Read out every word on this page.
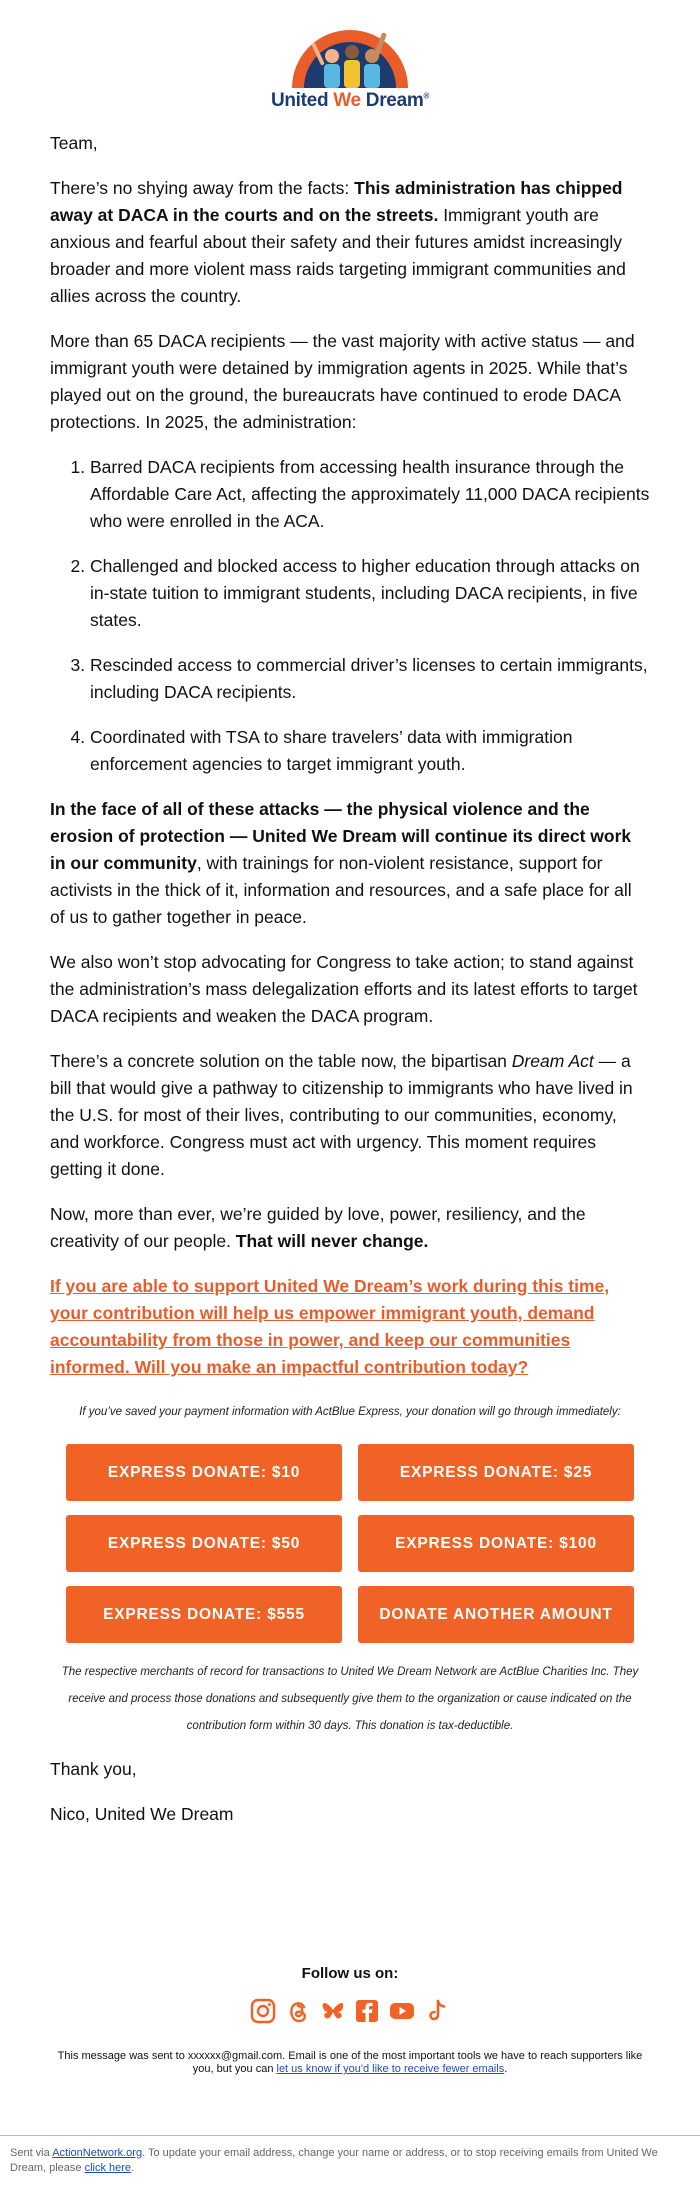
United We Dream®

Team,

There’s no shying away from the facts: This administration has chipped away at DACA in the courts and on the streets. Immigrant youth are anxious and fearful about their safety and their futures amidst increasingly broader and more violent mass raids targeting immigrant communities and allies across the country.

More than 65 DACA recipients — the vast majority with active status — and immigrant youth were detained by immigration agents in 2025. While that’s played out on the ground, the bureaucrats have continued to erode DACA protections. In 2025, the administration:

1. Barred DACA recipients from accessing health insurance through the Affordable Care Act, affecting the approximately 11,000 DACA recipients who were enrolled in the ACA.
2. Challenged and blocked access to higher education through attacks on in-state tuition to immigrant students, including DACA recipients, in five states.
3. Rescinded access to commercial driver’s licenses to certain immigrants, including DACA recipients.
4. Coordinated with TSA to share travelers’ data with immigration enforcement agencies to target immigrant youth.

In the face of all of these attacks — the physical violence and the erosion of protection — United We Dream will continue its direct work in our community, with trainings for non-violent resistance, support for activists in the thick of it, information and resources, and a safe place for all of us to gather together in peace.

We also won’t stop advocating for Congress to take action; to stand against the administration’s mass delegalization efforts and its latest efforts to target DACA recipients and weaken the DACA program.

There’s a concrete solution on the table now, the bipartisan Dream Act — a bill that would give a pathway to citizenship to immigrants who have lived in the U.S. for most of their lives, contributing to our communities, economy, and workforce. Congress must act with urgency. This moment requires getting it done.

Now, more than ever, we’re guided by love, power, resiliency, and the creativity of our people. That will never change.

If you are able to support United We Dream’s work during this time, your contribution will help us empower immigrant youth, demand accountability from those in power, and keep our communities informed. Will you make an impactful contribution today?

If you’ve saved your payment information with ActBlue Express, your donation will go through immediately:

EXPRESS DONATE: $10	EXPRESS DONATE: $25
EXPRESS DONATE: $50	EXPRESS DONATE: $100
EXPRESS DONATE: $555	DONATE ANOTHER AMOUNT

The respective merchants of record for transactions to United We Dream Network are ActBlue Charities Inc. They receive and process those donations and subsequently give them to the organization or cause indicated on the contribution form within 30 days. This donation is tax-deductible.

Thank you,

Nico, United We Dream

Follow us on:
This message was sent to xxxxxx@gmail.com. Email is one of the most important tools we have to reach supporters like you, but you can let us know if you'd like to receive fewer emails.
Sent via ActionNetwork.org. To update your email address, change your name or address, or to stop receiving emails from United We Dream, please click here.
